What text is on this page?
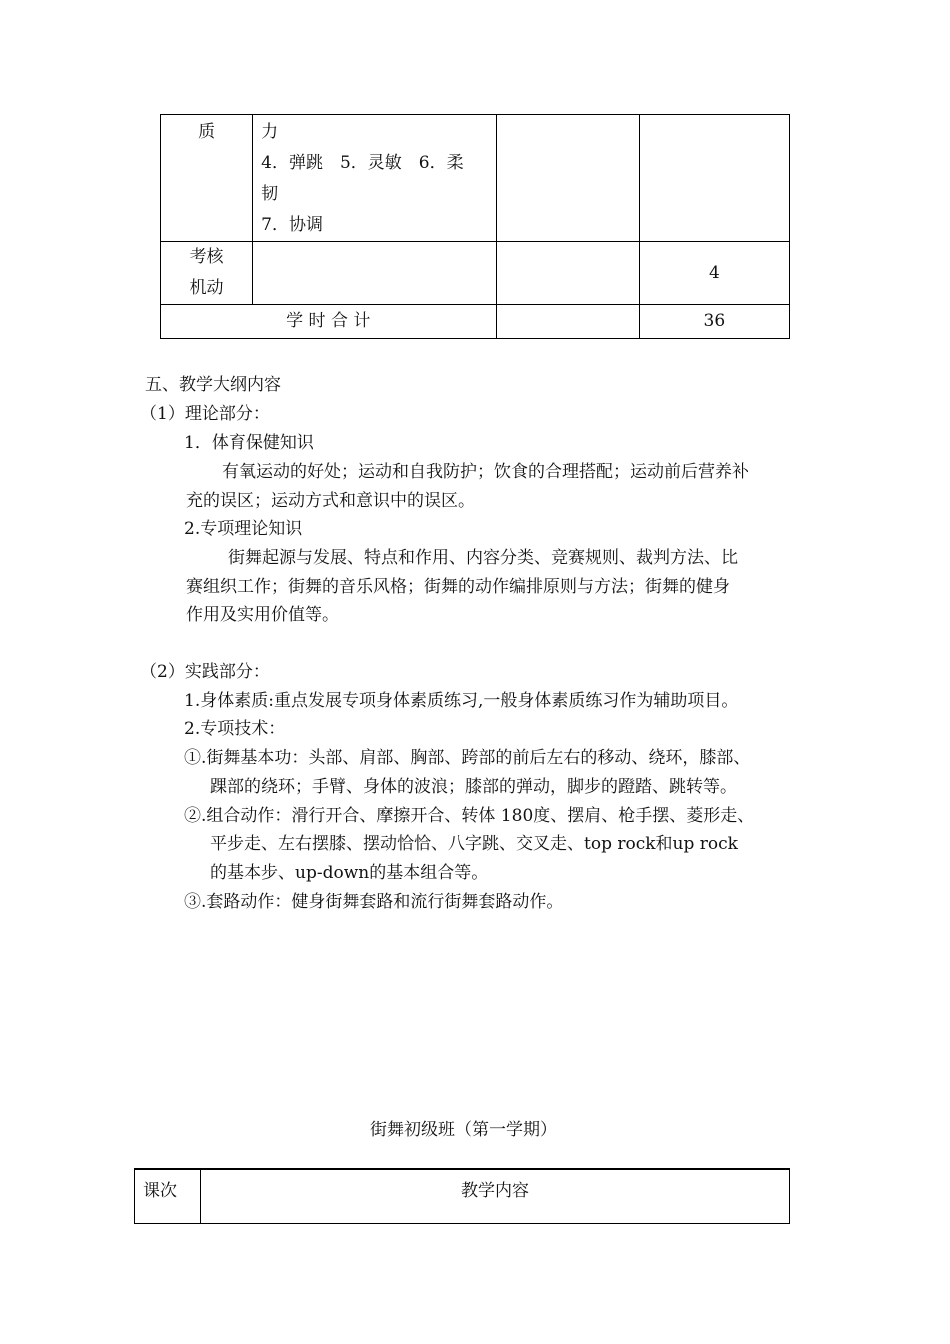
质	力
4．弹跳　5．灵敏　6．柔
韧
7．协调		

考核
机动			4
学 时 合 计			36
五、教学大纲内容
（1）理论部分：
1．体育保健知识
有氧运动的好处；运动和自我防护；饮食的合理搭配；运动前后营养补
充的误区；运动方式和意识中的误区。
2.专项理论知识
街舞起源与发展、特点和作用、内容分类、竞赛规则、裁判方法、比
赛组织工作；街舞的音乐风格；街舞的动作编排原则与方法；街舞的健身
作用及实用价值等。
（2）实践部分：
1.身体素质:重点发展专项身体素质练习,一般身体素质练习作为辅助项目。
2.专项技术：
①.街舞基本功：头部、肩部、胸部、跨部的前后左右的移动、绕环，膝部、
踝部的绕环；手臂、身体的波浪；膝部的弹动，脚步的蹬踏、跳转等。
②.组合动作：滑行开合、摩擦开合、转体 180度、摆肩、枪手摆、菱形走、
平步走、左右摆膝、摆动恰恰、八字跳、交叉走、top rock和up rock
的基本步、up-down的基本组合等。
③.套路动作：健身街舞套路和流行街舞套路动作。
街舞初级班（第一学期）
课次	教学内容
